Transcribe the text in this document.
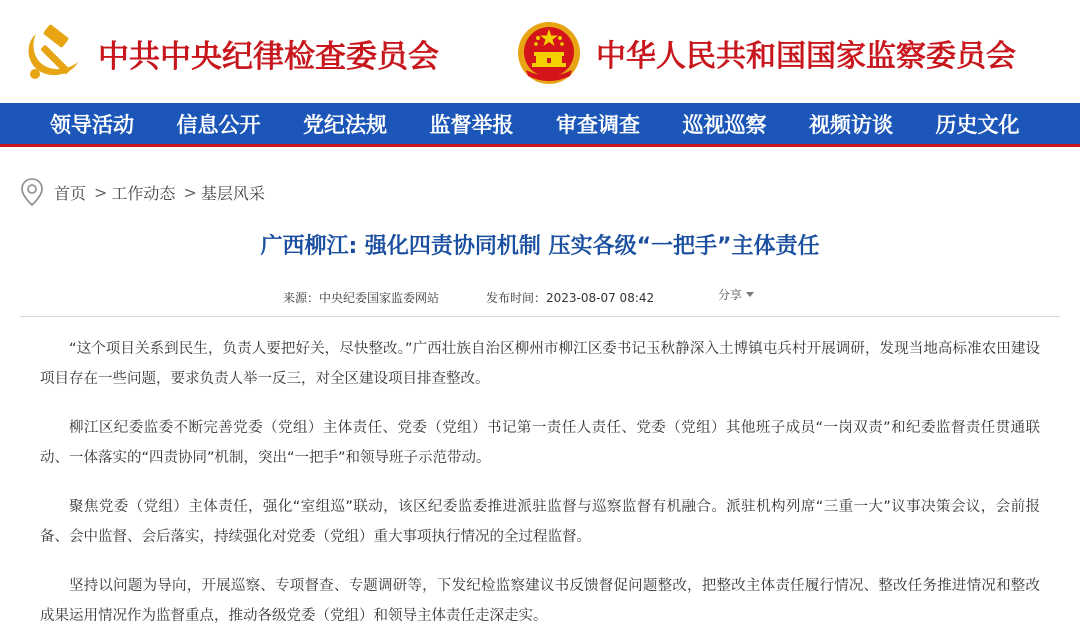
中共中央纪律检查委员会	中华人民共和国国家监察委员会
领导活动	信息公开	党纪法规	监督举报	审查调查	巡视巡察	视频访谈	历史文化
首页 > 工作动态 > 基层风采
广西柳江: 强化四责协同机制 压实各级“一把手”主体责任
来源：中央纪委国家监委网站	发布时间：2023-08-07 08:42	分享

“这个项目关系到民生，负责人要把好关，尽快整改。”广西壮族自治区柳州市柳江区委书记玉秋静深入土博镇屯兵村开展调研，发现当地高标准农田建设项目存在一些问题，要求负责人举一反三，对全区建设项目排查整改。

柳江区纪委监委不断完善党委（党组）主体责任、党委（党组）书记第一责任人责任、党委（党组）其他班子成员“一岗双责”和纪委监督责任贯通联动、一体落实的“四责协同”机制，突出“一把手”和领导班子示范带动。

聚焦党委（党组）主体责任，强化“室组巡”联动，该区纪委监委推进派驻监督与巡察监督有机融合。派驻机构列席“三重一大”议事决策会议，会前报备、会中监督、会后落实，持续强化对党委（党组）重大事项执行情况的全过程监督。

坚持以问题为导向，开展巡察、专项督查、专题调研等，下发纪检监察建议书反馈督促问题整改，把整改主体责任履行情况、整改任务推进情况和整改成果运用情况作为监督重点，推动各级党委（党组）和领导主体责任走深走实。
